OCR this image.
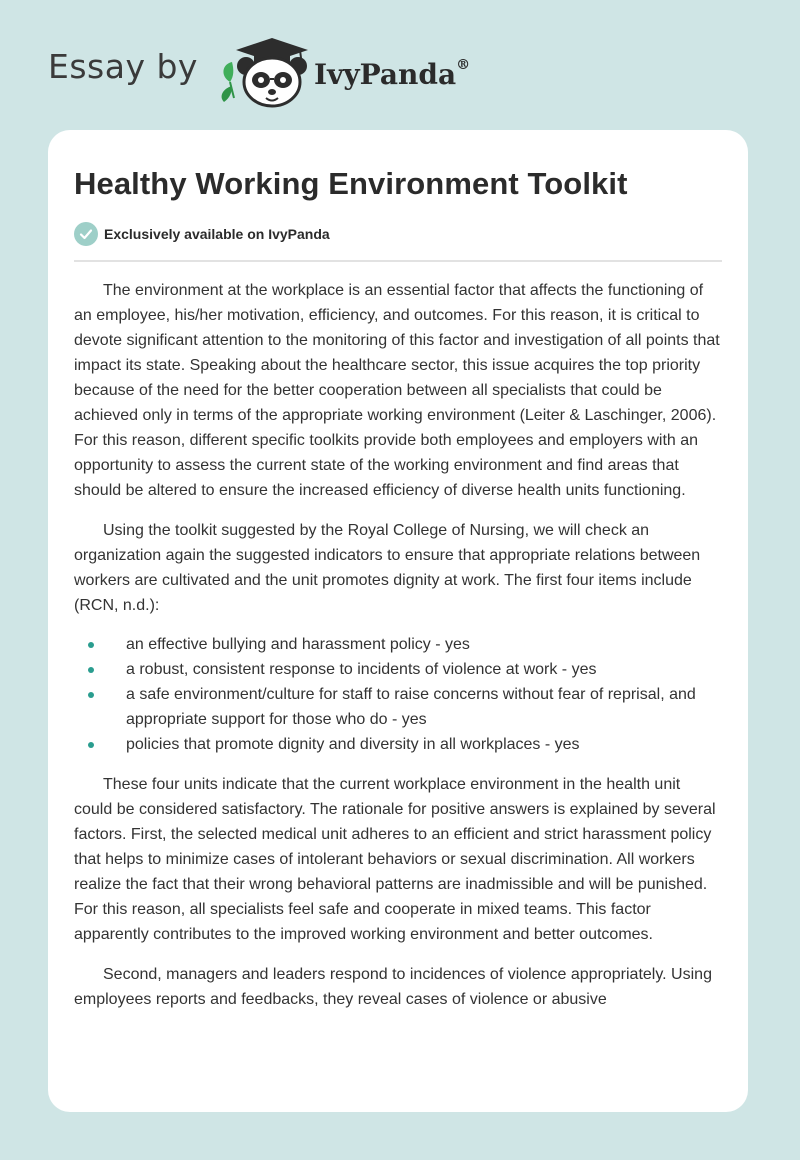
Essay by	IvyPanda®
Healthy Working Environment Toolkit
Exclusively available on IvyPanda

The environment at the workplace is an essential factor that affects the functioning of an employee, his/her motivation, efficiency, and outcomes. For this reason, it is critical to devote significant attention to the monitoring of this factor and investigation of all points that impact its state. Speaking about the healthcare sector, this issue acquires the top priority because of the need for the better cooperation between all specialists that could be achieved only in terms of the appropriate working environment (Leiter & Laschinger, 2006). For this reason, different specific toolkits provide both employees and employers with an opportunity to assess the current state of the working environment and find areas that should be altered to ensure the increased efficiency of diverse health units functioning.

Using the toolkit suggested by the Royal College of Nursing, we will check an organization again the suggested indicators to ensure that appropriate relations between workers are cultivated and the unit promotes dignity at work. The first four items include (RCN, n.d.):

an effective bullying and harassment policy - yes
a robust, consistent response to incidents of violence at work - yes
a safe environment/culture for staff to raise concerns without fear of reprisal, and appropriate support for those who do - yes
policies that promote dignity and diversity in all workplaces - yes

These four units indicate that the current workplace environment in the health unit could be considered satisfactory. The rationale for positive answers is explained by several factors. First, the selected medical unit adheres to an efficient and strict harassment policy that helps to minimize cases of intolerant behaviors or sexual discrimination. All workers realize the fact that their wrong behavioral patterns are inadmissible and will be punished. For this reason, all specialists feel safe and cooperate in mixed teams. This factor apparently contributes to the improved working environment and better outcomes.

Second, managers and leaders respond to incidences of violence appropriately. Using employees reports and feedbacks, they reveal cases of violence or abusive
